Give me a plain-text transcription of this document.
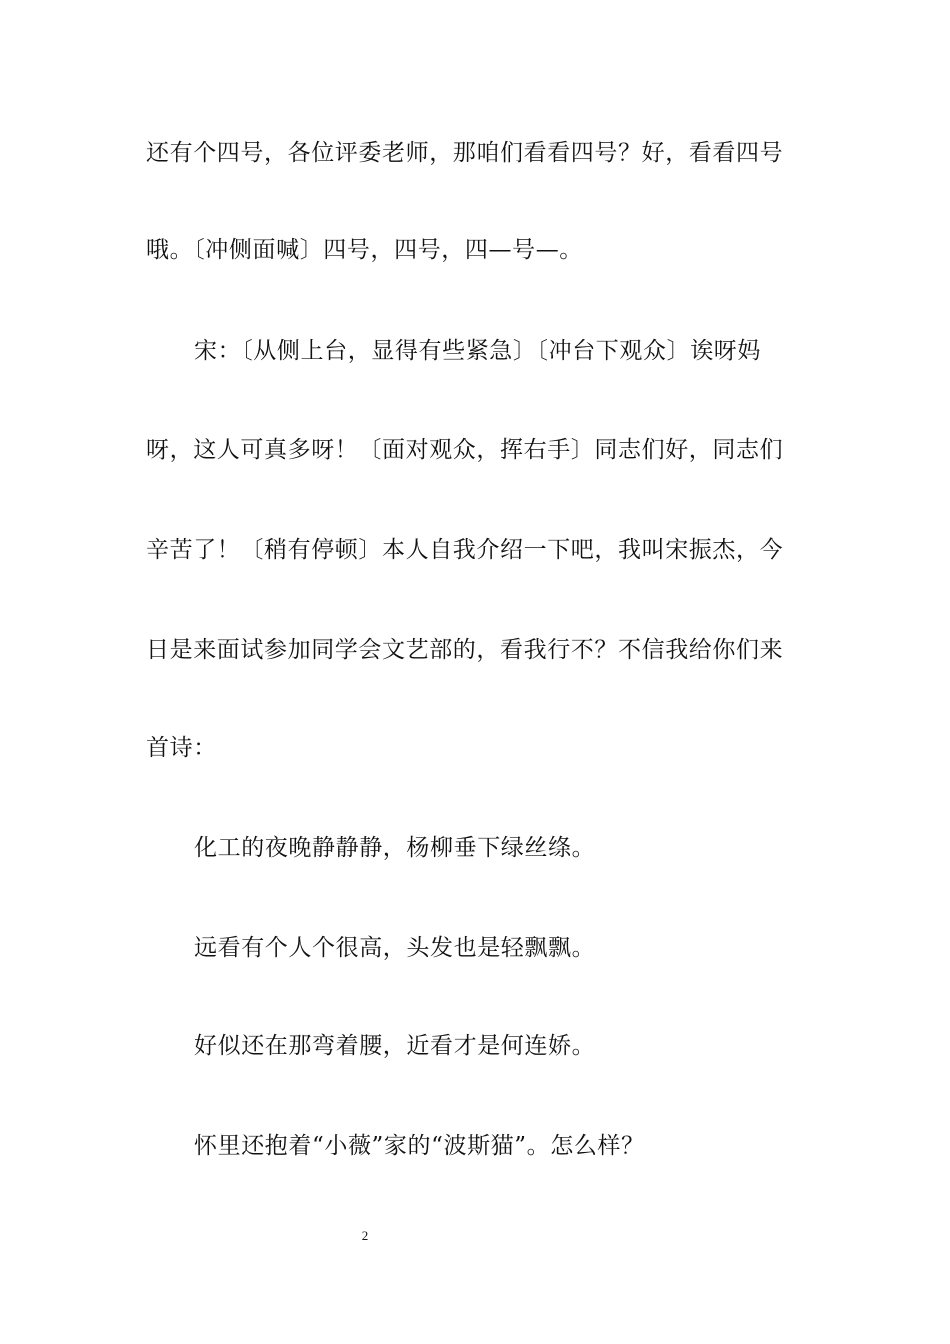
还有个四号，各位评委老师，那咱们看看四号？好，看看四号
哦。〔冲侧面喊〕四号，四号，四—号—。
宋：〔从侧上台，显得有些紧急〕〔冲台下观众〕诶呀妈
呀，这人可真多呀！〔面对观众，挥右手〕同志们好，同志们
辛苦了！〔稍有停顿〕本人自我介绍一下吧，我叫宋振杰，今
日是来面试参加同学会文艺部的，看我行不？不信我给你们来
首诗：
化工的夜晚静静静，杨柳垂下绿丝绦。
远看有个人个很高，头发也是轻飘飘。
好似还在那弯着腰，近看才是何连娇。
怀里还抱着“小薇”家的“波斯猫”。怎么样？
2
